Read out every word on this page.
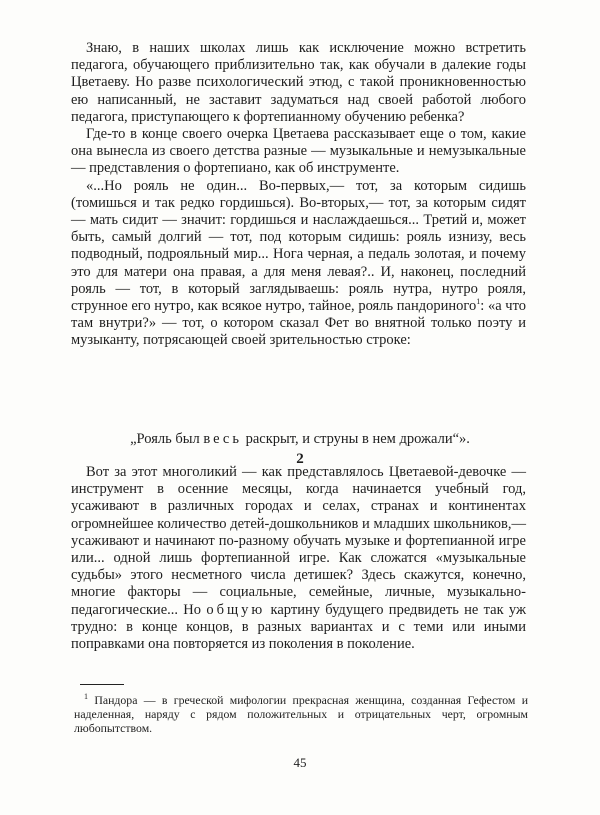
Знаю, в наших школах лишь как исключение можно встретить педагога, обучающего приблизительно так, как обучали в далекие годы Цветаеву. Но разве психологический этюд, с такой проникновенностью ею написанный, не заставит задуматься над своей работой любого педагога, приступающего к фортепианному обучению ребенка?

Где-то в конце своего очерка Цветаева рассказывает еще о том, какие она вынесла из своего детства разные — музыкальные и немузыкальные — представления о фортепиано, как об инструменте.

«...Но рояль не один... Во-первых,— тот, за которым сидишь (томишься и так редко гордишься). Во-вторых,— тот, за которым сидят — мать сидит — значит: гордишься и наслаждаешься... Третий и, может быть, самый долгий — тот, под которым сидишь: рояль изнизу, весь подводный, подрояльный мир... Нога черная, а педаль золотая, и почему это для матери она правая, а для меня левая?.. И, наконец, последний рояль — тот, в который заглядываешь: рояль нутра, нутро рояля, струнное его нутро, как всякое нутро, тайное, рояль пандориного$^1$: «а что там внутри?» — тот, о котором сказал Фет во внятной только поэту и музыканту, потрясающей своей зрительностью строке:

„Рояль был весь раскрыт, и струны в нем дрожали“».
2

Вот за этот многоликий — как представлялось Цветаевой-девочке — инструмент в осенние месяцы, когда начинается учебный год, усаживают в различных городах и селах, странах и континентах огромнейшее количество детей-дошкольников и младших школьников,— усаживают и начинают по-разному обучать музыке и фортепианной игре или... одной лишь фортепианной игре. Как сложатся «музыкальные судьбы» этого несметного числа детишек? Здесь скажутся, конечно, многие факторы — социальные, семейные, личные, музыкально-педагогические... Но общую картину будущего предвидеть не так уж трудно: в конце концов, в разных вариантах и с теми или иными поправками она повторяется из поколения в поколение.

$^1$ Пандора — в греческой мифологии прекрасная женщина, созданная Гефестом и наделенная, наряду с рядом положительных и отрицательных черт, огромным любопытством.
45
